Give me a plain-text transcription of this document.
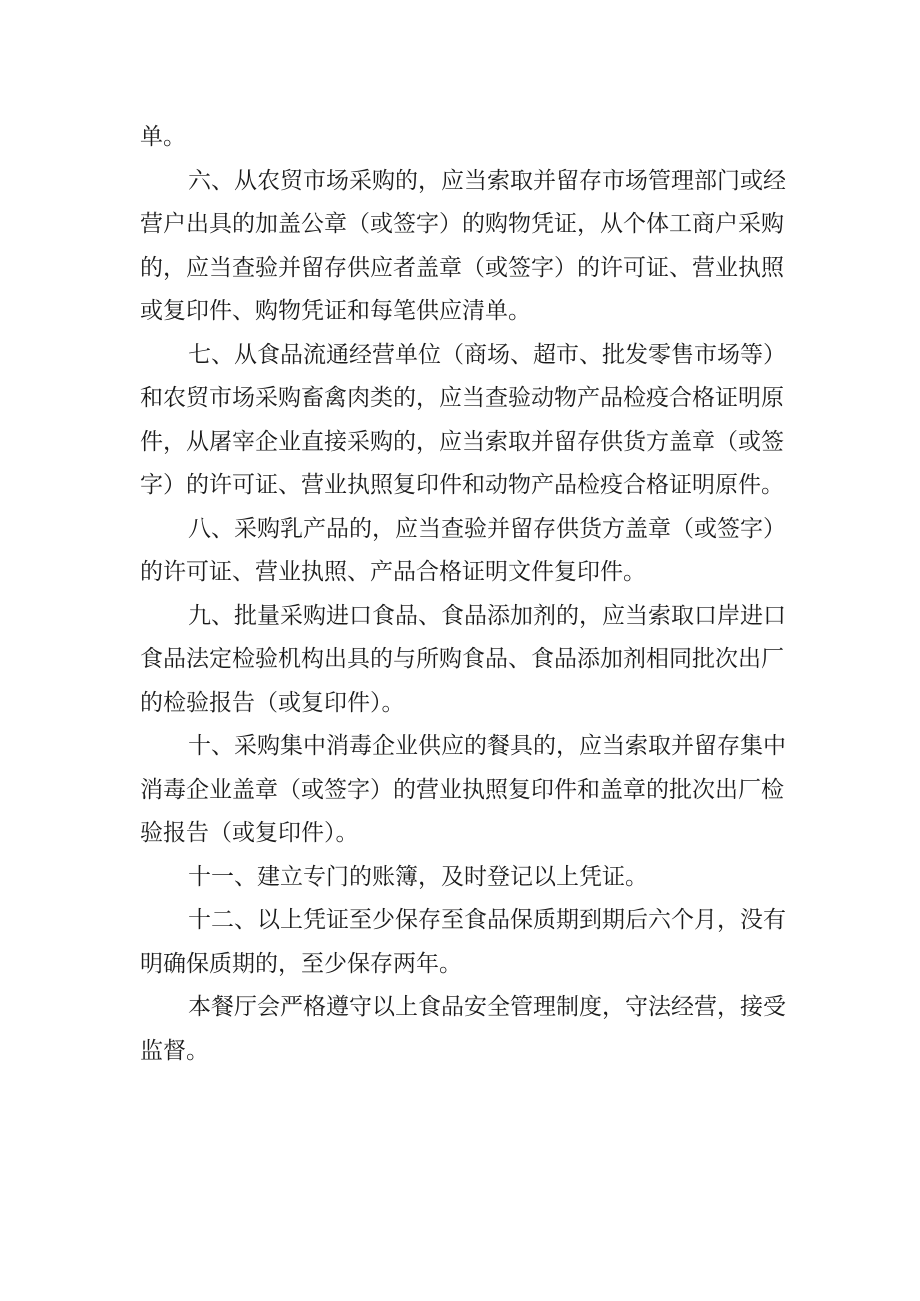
单。
六、从农贸市场采购的，应当索取并留存市场管理部门或经
营户出具的加盖公章（或签字）的购物凭证，从个体工商户采购
的，应当查验并留存供应者盖章（或签字）的许可证、营业执照
或复印件、购物凭证和每笔供应清单。
七、从食品流通经营单位（商场、超市、批发零售市场等）
和农贸市场采购畜禽肉类的，应当查验动物产品检疫合格证明原
件，从屠宰企业直接采购的，应当索取并留存供货方盖章（或签
字）的许可证、营业执照复印件和动物产品检疫合格证明原件。
八、采购乳产品的，应当查验并留存供货方盖章（或签字）
的许可证、营业执照、产品合格证明文件复印件。
九、批量采购进口食品、食品添加剂的，应当索取口岸进口
食品法定检验机构出具的与所购食品、食品添加剂相同批次出厂
的检验报告（或复印件）。
十、采购集中消毒企业供应的餐具的，应当索取并留存集中
消毒企业盖章（或签字）的营业执照复印件和盖章的批次出厂检
验报告（或复印件）。
十一、建立专门的账簿，及时登记以上凭证。
十二、以上凭证至少保存至食品保质期到期后六个月，没有
明确保质期的，至少保存两年。
本餐厅会严格遵守以上食品安全管理制度，守法经营，接受
监督。
